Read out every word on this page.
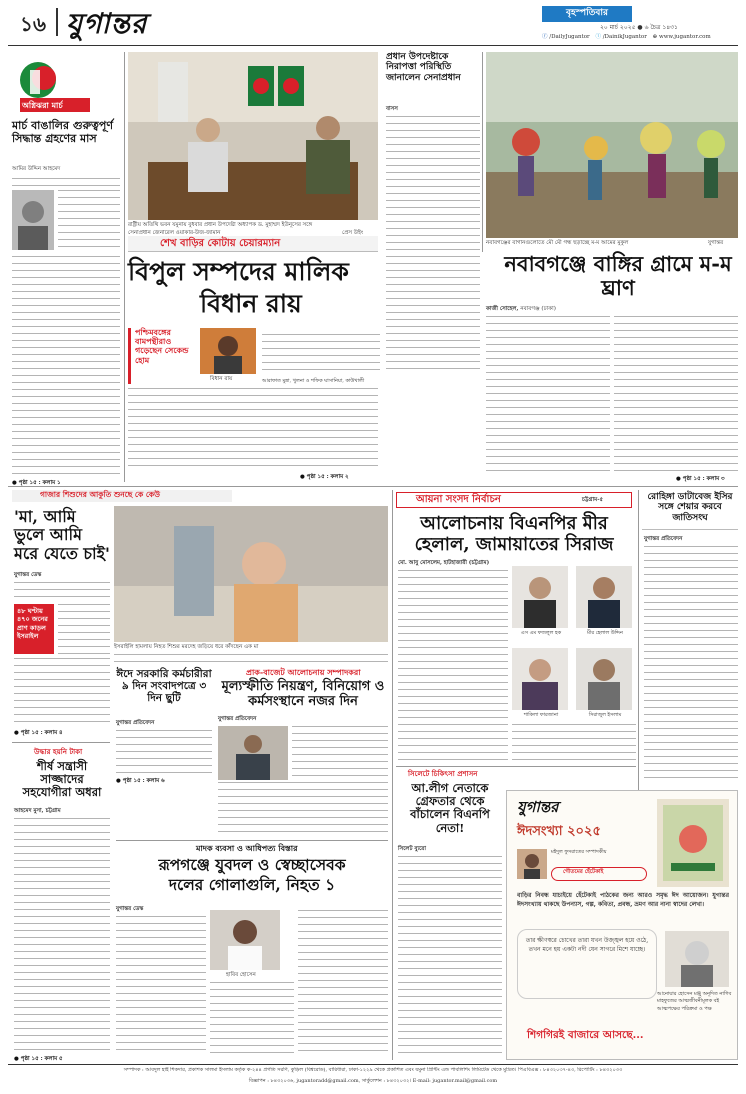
১৬ যুগান্তর	বৃহস্পতিবার
২০ মার্চ ২০২৫ ● ৬ চৈত্র ১৪৩১
ⓕ /DailyJugantor ⓣ /DainikJugantor ⊕ www.jugantor.com
অগ্নিঝরা মার্চ
মার্চ বাঙালির গুরুত্বপূর্ণ সিদ্ধান্ত গ্রহণের মাস
আমির উদ্দিন আহমেদ
● পৃষ্ঠা ১৫ : কলাম ১
রাষ্ট্রীয় অতিথি ভবন যমুনায় বুধবার প্রধান উপদেষ্টা অধ্যাপক ড. মুহাম্মদ ইউনূসের সঙ্গে সেনাপ্রধান জেনারেল ওয়াকার-উজ-জামান	প্রেস উইং
প্রধান উপদেষ্টাকে নিরাপত্তা পরিস্থিতি জানালেন সেনাপ্রধান
বাসস
নবাবগঞ্জের বাগানগুলোতে মৌ মৌ গন্ধ ছড়াচ্ছে ম-ম আমের মুকুল	যুগান্তর
শেখ বাড়ির কোটায় চেয়ারম্যান
বিপুল সম্পদের মালিক
বিধান রায়
পশ্চিমবঙ্গের বামপন্থীরাও গড়েছেন সেকেন্ড হোম
বিধান রায়	আরাফাত মুন্না, খুলনা ও শফিক ঘাসানিয়া, কাউখালী
● পৃষ্ঠা ১৫ : কলাম ২
নবাবগঞ্জে বাঙ্গির গ্রামে ম-ম ঘ্রাণ
কাজী সোহেল, নবাবগঞ্জ (ঢাকা)
● পৃষ্ঠা ১৫ : কলাম ৩
গাজার শিশুদের আকুতি শুনছে কে কেউ
'মা, আমি ভুলে আমি মরে যেতে চাই'
যুগান্তর ডেস্ক
৪৮ ঘণ্টায় ৪৭০ জনের প্রাণ কাড়ল ইসরাইল
● পৃষ্ঠা ১৫ : কলাম ৪
ইসরাইলি হামলায় নিহত শিশুর মরদেহ জড়িয়ে ধরে কাঁদছেন এক মা
উদ্ধার হয়নি টাকা
শীর্ষ সন্ত্রাসী সাজ্জাদের সহযোগীরা অধরা
আহমেদ মুসা, চট্টগ্রাম
● পৃষ্ঠা ১৫ : কলাম ৫
ঈদে সরকারি কর্মচারীরা ৯ দিন সংবাদপত্রে ৩ দিন ছুটি
যুগান্তর প্রতিবেদন
● পৃষ্ঠা ১৫ : কলাম ৬
প্রাক-বাজেট আলোচনায় সম্পাদকরা
মূল্যস্ফীতি নিয়ন্ত্রণ, বিনিয়োগ ও কর্মসংস্থানে নজর দিন
যুগান্তর প্রতিবেদন
মাদক ব্যবসা ও আধিপত্য বিস্তার
রূপগঞ্জে যুবদল ও স্বেচ্ছাসেবক
দলের গোলাগুলি, নিহত ১
যুগান্তর ডেস্ক
হাবিব হোসেন
আয়না সংসদ নির্বাচন	চট্টগ্রাম-৫
আলোচনায় বিএনপির মীর হেলাল, জামায়াতের সিরাজ
মো. আবু মোসলেম, হাটহাজারী (চট্টগ্রাম)
এস এম ফজলুল হক	মীর হেলাল উদ্দিন
শাকিলা ফারজানা	সিরাজুল ইসলাম
রোহিঙ্গা ডাটাবেজ ইসির সঙ্গে শেয়ার করবে জাতিসংঘ
যুগান্তর প্রতিবেদন
সিলেটে চিকিৎসা প্রশাসন
আ.লীগ নেতাকে গ্রেফতার থেকে বাঁচালেন বিএনপি নেতা!
সিলেট ব্যুরো
যুগান্তর
ঈদসংখ্যা ২০২৫
মইদুল ফুসরাতের সম্পাদকীয়
গৌতমের হেঁটেকাই
বাড়ির নিবন্ধ যাচাইয়ে হেঁটেকাই পাঠকের জন্য আরও সমৃদ্ধ ঈদ আয়োজন। যুগান্তর ঈদসংখ্যায় থাকছে উপন্যাস, গল্প, কবিতা, প্রবন্ধ, ভ্রমণ আর নানা স্বাদের লেখা।
তার ক্ষীণস্বরে চোখের তারা যখন উজ্জ্বল হয়ে ওঠে, তখন মনে হয় একটা নদী যেন সাগরে মিশে যাচ্ছে।
আনোয়ার হোসেন মঞ্জু অনূদিত নাগিব মাহফুজের আত্মজীবনীমূলক বই আত্মপক্ষের পরিক্রমা ও পক্ষ
শিগগিরই বাজারে আসছে...
সম্পাদক : আবদুল হাই শিকদার, প্রকাশক সালমা ইসলাম কর্তৃক ক-২৪৪ প্রগতি সরণি, কুড়িল (বিশ্বরোড), বারিধারা, ঢাকা-১২২৯ থেকে প্রকাশিত এবং যমুনা প্রিন্টিং এন্ড পাবলিশিং লিমিটেড থেকে মুদ্রিত। পিএবিএক্স : ৮৪৩২০৩৭-৪৩, রিপোর্টিং : ৮৪৩২০৩৩
বিজ্ঞাপন : ৮৪৩২০৩৬, jugantoradd@gmail.com, সার্কুলেশন : ৮৪৩২০৩২। E-mail: jugantor.mail@gmail.com
